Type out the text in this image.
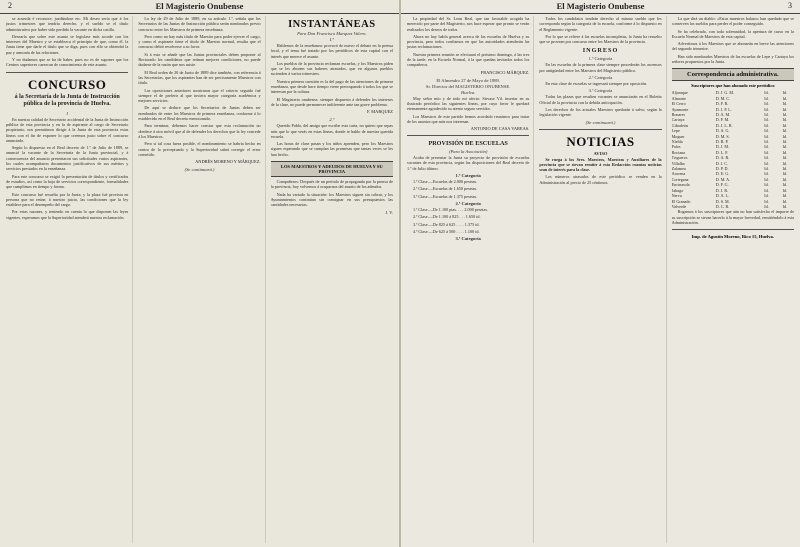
2	El Magisterio Onubense

se acuerda é reconoce, juzdándose etc. Mi deseo sería que á los justos trimestres que tendría derecho, y el sueldo se el título administrativo por haber sido perdido la vacante en dicha casilla.

Desearía que sobre este asunto se legislase más acorde con los intereses del Maestro y se establezca el principio de que, como él, la Junta tiene que darle el título que se diga, pues con ello se obtendrá la paz y armonía de las relaciones.

Y no dudamos que se ha de haber, pues no es de suponer que los Centros superiores carezcan de conocimiento de este asunto.

CONCURSO
á la Secretaría de la Junta de Instrucción pública de la provincia de Huelva.
I

En nuestra calidad de Secretario accidental de la Junta de Instrucción pública de esta provincia y en la de aspirante al cargo de Secretario propietario, nos permitimos dirigir á la Junta de esta provincia estas líneas con el fin de exponer lo que creemos justo sobre el concurso anunciado.

Según lo dispuesto en el Real decreto de 1.º de Julio de 1889, se anunció la vacante de la Secretaría de la Junta provincial, y á consecuencia del anuncio presentaron sus solicitudes varios aspirantes, los cuales acompañaron documentos justificativos de sus méritos y servicios prestados en la enseñanza.

Para este concurso se exigió la presentación de títulos y certificados de estudios, así como la hoja de servicios correspondiente, formalidades que cumplimos en tiempo y forma.

Este concurso fué resuelto por la Junta, y la plaza fué provista en persona que no reúne, á nuestro juicio, las condiciones que la ley establece para el desempeño del cargo.

Por estas razones, y teniendo en cuenta lo que disponen las leyes vigentes, esperamos que la Superioridad atenderá nuestra reclamación.

La ley de 29 de Julio de 1889, en su artículo 1.º, señala que los Secretarios de las Juntas de Instrucción pública serán nombrados previo concurso entre los Maestros de primera enseñanza.

Pero como no hay más título de Maestro para poder ejercer el cargo, y como el aspirante tiene el título de Maestro normal, resulta que el concurso debió resolverse a su favor.

Si á esto se añade que las Juntas provinciales deben proponer al Rectorado los candidatos que reúnan mejores condiciones, no puede dudarse de la razón que nos asiste.

El Real orden de 20 de Junio de 1889 dice también, con referencia á las Secretarías, que los aspirantes han de ser precisamente Maestros con título.

Las oposiciones anteriores mostraron que el criterio seguido fué siempre el de preferir al que tuviera mayor categoría académica y mejores servicios.

De aquí se deduce que los Secretarios de Juntas deben ser nombrados de entre los Maestros de primera enseñanza, conforme á lo establecido en el Real decreto mencionado.

Para terminar, debemos hacer constar que esta reclamación no obedece á otro móvil que al de defender los derechos que la ley concede á los Maestros.

Pero si tal cosa fuera posible, el nombramiento se habría hecho en contra de lo preceptuado y la Superioridad sabrá corregir el error cometido.

ANDRÉS MORENO Y MÁRQUEZ.
(Se continuará.)
INSTANTÁNEAS
Para Don Francisco Marquez Valero.
I.º

Hablemos de la enseñanza: provocó de nuevo el debate en la prensa local, y el tema fué tratado por los periódicos de esta capital con el interés que merece el asunto.

Los pueblos de la provincia reclaman escuelas, y los Maestros piden que se les abonen sus haberes atrasados, que en algunos pueblos ascienden á varios trimestres.

Nuestra primera cuestión es la del pago de las atenciones de primera enseñanza, que desde hace tiempo viene preocupando á todos los que se interesan por la cultura.

El Magisterio onubense, siempre dispuesto á defender los intereses de la clase, no puede permanecer indiferente ante tan grave problema.

F. MARQUEZ
2.º

Querido Pablo, del amigo que escribe esta carta, no quiero que sepas más que lo que verás en estas líneas, donde te hablo de nuestra querida escuela.

Las horas de clase pasan y los niños aprenden, pero los Maestros siguen esperando que se cumplan las promesas que tantas veces se les han hecho.

LOS MAESTROS Y ADEUDOS DE HUELVA Y SU PROVINCIA

Compañeros: Después de un período de propaganda por la prensa de la provincia, hoy volvemos á ocuparnos del asunto de los adeudos.

Nada ha variado la situación: los Maestros siguen sin cobrar, y los Ayuntamientos continúan sin consignar en sus presupuestos las cantidades necesarias.

J. V.
El Magisterio Onubense	3

La propiedad del Sr. Leon Real, que tan favorable acogida ha merecido por parte del Magisterio, nos hace esperar que pronto se verán realizados los deseos de todos.

Ahora no hay habla general acerca de las escuelas de Huelva y su provincia, pero todos confiamos en que las autoridades atenderán las justas reclamaciones.

Nuestra primera reunión se efectuará el próximo domingo, á las tres de la tarde, en la Escuela Normal, á la que quedan invitados todos los compañeros.

FRANCISCO MÁRQUEZ.
El Almendro 27 de Mayo de 1889.
Sr. Director del MAGISTERIO ONUBENSE.
Huelva.

Muy señor mío y de todo mi afecto: Sírvase Vd. insertar en su ilustrado periódico las siguientes líneas, por cuyo favor le quedará eternamente agradecido su atento seguro servidor.

Los Maestros de este partido hemos acordado reunirnos para tratar de los asuntos que más nos interesan.

ANTONIO DE CASA VAREAS.
PROVISIÓN DE ESCUELAS
(Para la Asociación)

Acaba de presentar la Junta su proyecto de provisión de escuelas vacantes de esta provincia, según las disposiciones del Real decreto de 1.º de Julio último.

1.ª Categoría

1.ª Clase.—Escuelas de 2.000 pesetas.

2.ª Clase.—Escuelas de 1.650 pesetas.

3.ª Clase.—Escuelas de 1.375 pesetas.

2.ª Categoría

1.ª Clase.—De 1.100 ptas. . . . 2.000 pesetas.

2.ª Clase.—De 1.100 á 825 . . . 1.650 id.

3.ª Clase.—De 825 á 625 . . . . 1.375 id.

4.ª Clase.—De 625 á 500 . . . . 1.100 id.

3.ª Categoría

Todos los candidatos tendrán derecho al mismo sueldo que les corresponda según la categoría de la escuela, conforme á lo dispuesto en el Reglamento vigente.

Por lo que se refiere á las escuelas incompletas, la Junta ha resuelto que se provean por concurso entre los Maestros de la provincia.

INGRESO
1.ª Categoría

En las escuelas de la primera clase siempre procederán los ascensos por antigüedad entre los Maestros del Magisterio público.

2.ª Categoría

En esta clase de escuelas se ingresará siempre por oposición.

3.ª Categoría

Todas las plazas que resulten vacantes se anunciarán en el Boletín Oficial de la provincia con la debida anticipación.

Los derechos de los actuales Maestros quedarán á salvo, según la legislación vigente.

(Se continuará.)
NOTICIAS
AVISO

Se ruega á los Sres. Maestros, Maestras y Auxiliares de la provincia que se sirvan remitir á esta Redacción cuantas noticias sean de interés para la clase.

Los números atrasados de este periódico se venden en la Administración al precio de 25 céntimos.

La que dirá un diablo: «Estos maestros balazo» han quedado que se conserven los sueldos para perder el poder conseguido.

Se ha celebrado, con toda solemnidad, la apertura de curso en la Escuela Normal de Maestros de esta capital.

Advertimos á los Maestros que se abonarán en breve las atenciones del segundo trimestre.

Han sido nombrados Maestros de las escuelas de Lepe y Cartaya los señores propuestos por la Junta.

Correspondencia administrativa.
Suscriptores que han abonado este periódico
Aljaraque	D. J. G. M.	Id.	Id.
Almonte	D. M. C.	Id.	Id.
El Cerro	D. F. R.	Id.	Id.
Ayamonte	D. J. P. L.	Id.	Id.
Bonares	D. A. M.	Id.	Id.
Cartaya	D. F. M.	Id.	Id.
Gibraleón	D. J. L. R.	Id.	Id.
Lepe	D. A. G.	Id.	Id.
Moguer	D. M. S.	Id.	Id.
Niebla	D. R. P.	Id.	Id.
Palos	D. J. M.	Id.	Id.
Rociana	D. L. F.	Id.	Id.
Trigueros	D. A. R.	Id.	Id.
Villalba	D. J. C.	Id.	Id.
Zalamea	D. P. D.	Id.	Id.
Aracena	D. E. G.	Id.	Id.
Cortegana	D. M. A.	Id.	Id.
Encinasola	D. F. G.	Id.	Id.
Jabugo	D. J. R.	Id.	Id.
Nerva	D. A. L.	Id.	Id.
El Granado	D. S. M.	Id.	Id.
Valverde	D. C. R.	Id.	Id.

Rogamos á los suscriptores que aún no han satisfecho el importe de su suscripción se sirvan hacerlo á la mayor brevedad, remitiéndolo á esta Administración.

Imp. de Agustín Moreno, Rico 15, Huelva.
